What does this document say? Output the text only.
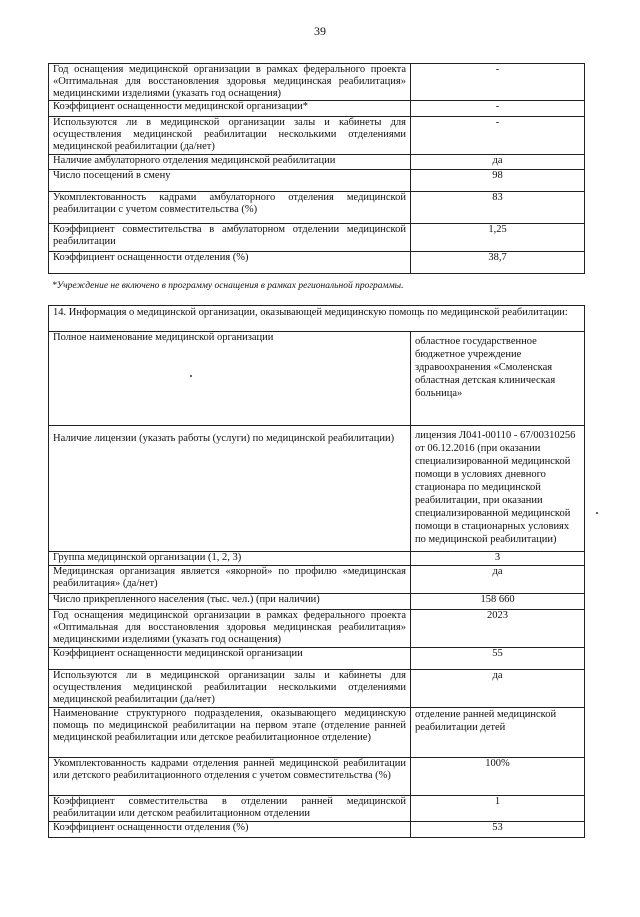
39
Год оснащения медицинской организации в рамках федерального проекта «Оптимальная для восстановления здоровья медицинская реабилитация» медицинскими изделиями (указать год оснащения)	-
Коэффициент оснащенности медицинской организации*	-
Используются ли в медицинской организации залы и кабинеты для осуществления медицинской реабилитации несколькими отделениями медицинской реабилитации (да/нет)	-
Наличие амбулаторного отделения медицинской реабилитации	да
Число посещений в смену	98
Укомплектованность кадрами амбулаторного отделения медицинской реабилитации с учетом совместительства (%)	83
Коэффициент совместительства в амбулаторном отделении медицинской реабилитации	1,25
Коэффициент оснащенности отделения (%)	38,7
*Учреждение не включено в программу оснащения в рамках региональной программы.
14. Информация о медицинской организации, оказывающей медицинскую помощь по медицинской реабилитации:	
Полное наименование медицинской организации	областное государственное бюджетное учреждение здравоохранения «Смоленская областная детская клиническая больница»
Наличие лицензии (указать работы (услуги) по медицинской реабилитации)	лицензия Л041-00110 - 67/00310256 от 06.12.2016 (при оказании специализированной медицинской помощи в условиях дневного стационара по медицинской реабилитации, при оказании специализированной медицинской помощи в стационарных условиях по медицинской реабилитации)
Группа медицинской организации (1, 2, 3)	3
Медицинская организация является «якорной» по профилю «медицинская реабилитация» (да/нет)	да
Число прикрепленного населения (тыс. чел.) (при наличии)	158 660
Год оснащения медицинской организации в рамках федерального проекта «Оптимальная для восстановления здоровья медицинская реабилитация» медицинскими изделиями (указать год оснащения)	2023
Коэффициент оснащенности медицинской организации	55
Используются ли в медицинской организации залы и кабинеты для осуществления медицинской реабилитации несколькими отделениями медицинской реабилитации (да/нет)	да
Наименование структурного подразделения, оказывающего медицинскую помощь по медицинской реабилитации на первом этапе (отделение ранней медицинской реабилитации или детское реабилитационное отделение)	отделение ранней медицинской реабилитации детей
Укомплектованность кадрами отделения ранней медицинской реабилитации или детского реабилитационного отделения с учетом совместительства (%)	100%
Коэффициент совместительства в отделении ранней медицинской реабилитации или детском реабилитационном отделении	1
Коэффициент оснащенности отделения (%)	53
